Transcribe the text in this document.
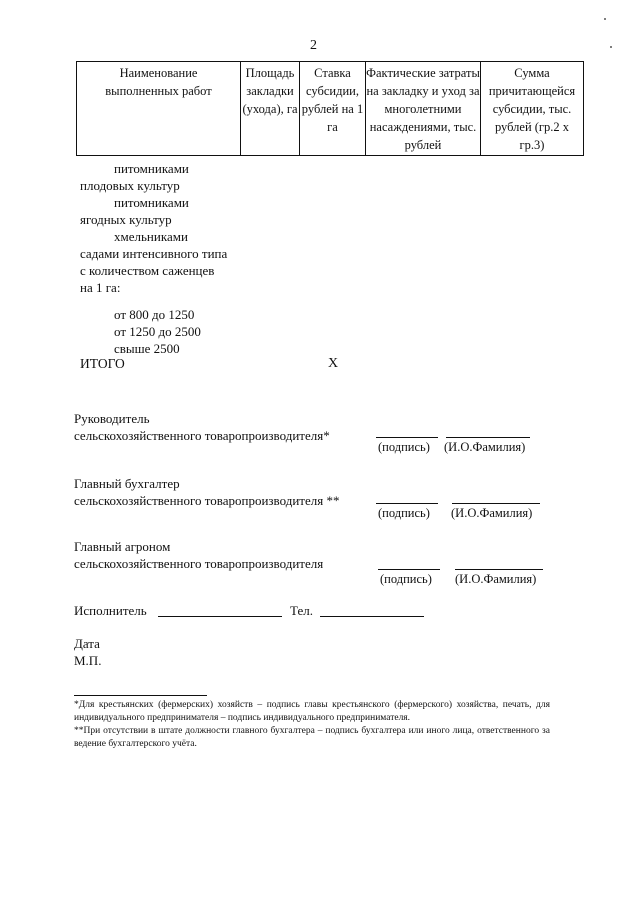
2
Наименование выполненных работ
Площадь закладки (ухода), га
Ставка субсидии, рублей на 1 га
Фактические затраты на закладку и уход за многолетними насаждениями, тыс. рублей
Сумма причитающейся субсидии, тыс. рублей (гр.2 х гр.3)
питомниками
плодовых культур
питомниками
ягодных культур
хмельниками
садами интенсивного типа
с количеством саженцев
на 1 га:
от 800 до 1250
от 1250 до 2500
свыше 2500
ИТОГО	Х
Руководитель
сельскохозяйственного товаропроизводителя*
(подпись) (И.О.Фамилия)
Главный бухгалтер
сельскохозяйственного товаропроизводителя **
(подпись) (И.О.Фамилия)
Главный агроном
сельскохозяйственного товаропроизводителя
(подпись) (И.О.Фамилия)
Исполнитель	Тел.
Дата
М.П.
*Для крестьянских (фермерских) хозяйств – подпись главы крестьянского (фермерского) хозяйства, печать, для индивидуального предпринимателя – подпись индивидуального предпринимателя.
**При отсутствии в штате должности главного бухгалтера – подпись бухгалтера или иного лица, ответственного за ведение бухгалтерского учёта.
